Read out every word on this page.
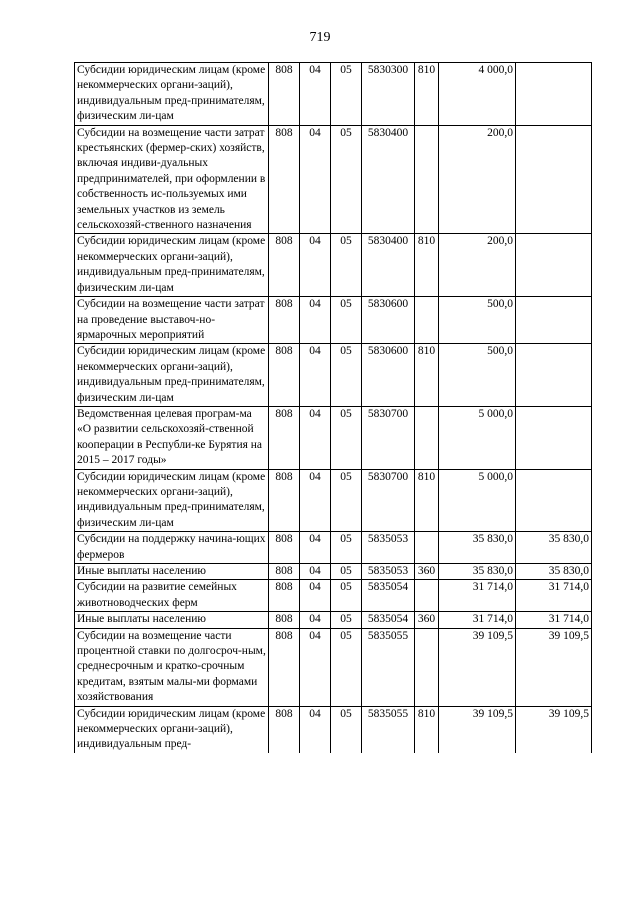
719
Субсидии юридическим лицам (кроме некоммерческих органи-заций), индивидуальным пред-принимателям, физическим ли-цам	808	04	05	5830300	810	4 000,0	
Субсидии на возмещение части затрат крестьянских (фермер-ских) хозяйств, включая индиви-дуальных предпринимателей, при оформлении в собственность ис-пользуемых ими земельных участков из земель сельскохозяй-ственного назначения	808	04	05	5830400		200,0	
Субсидии юридическим лицам (кроме некоммерческих органи-заций), индивидуальным пред-принимателям, физическим ли-цам	808	04	05	5830400	810	200,0	
Субсидии на возмещение части затрат на проведение выставоч-но-ярмарочных мероприятий	808	04	05	5830600		500,0	
Субсидии юридическим лицам (кроме некоммерческих органи-заций), индивидуальным пред-принимателям, физическим ли-цам	808	04	05	5830600	810	500,0	
Ведомственная целевая програм-ма «О развитии сельскохозяй-ственной кооперации в Республи-ке Бурятия на 2015 – 2017 годы»	808	04	05	5830700		5 000,0	
Субсидии юридическим лицам (кроме некоммерческих органи-заций), индивидуальным пред-принимателям, физическим ли-цам	808	04	05	5830700	810	5 000,0	
Субсидии на поддержку начина-ющих фермеров	808	04	05	5835053		35 830,0	35 830,0
Иные выплаты населению	808	04	05	5835053	360	35 830,0	35 830,0
Субсидии на развитие семейных животноводческих ферм	808	04	05	5835054		31 714,0	31 714,0
Иные выплаты населению	808	04	05	5835054	360	31 714,0	31 714,0
Субсидии на возмещение части процентной ставки по долгосроч-ным, среднесрочным и кратко-срочным кредитам, взятым малы-ми формами хозяйствования	808	04	05	5835055		39 109,5	39 109,5
Субсидии юридическим лицам (кроме некоммерческих органи-заций), индивидуальным пред-	808	04	05	5835055	810	39 109,5	39 109,5
